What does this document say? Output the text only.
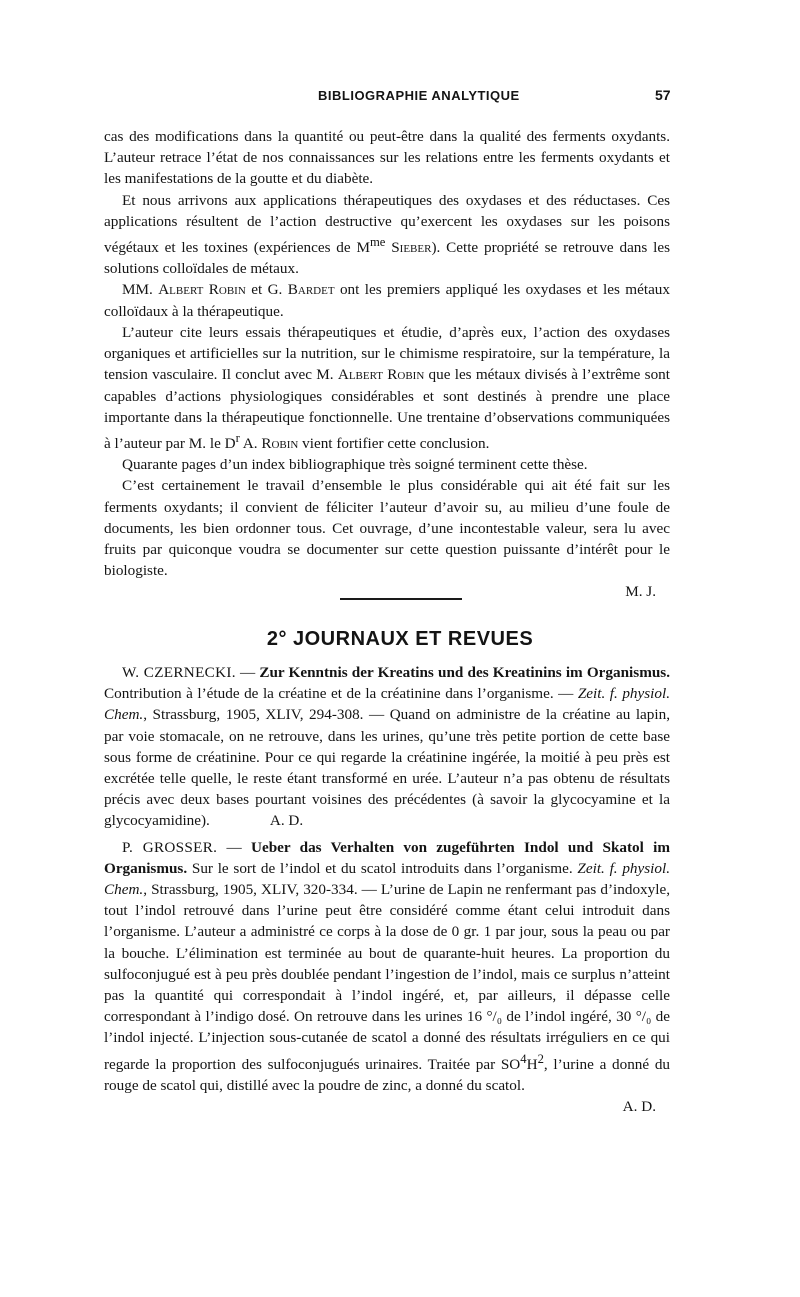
BIBLIOGRAPHIE ANALYTIQUE	57

cas des modifications dans la quantité ou peut-être dans la qualité des ferments oxydants. L’auteur retrace l’état de nos connaissances sur les relations entre les ferments oxydants et les manifestations de la goutte et du diabète.

Et nous arrivons aux applications thérapeutiques des oxydases et des réductases. Ces applications résultent de l’action destructive qu’exercent les oxydases sur les poisons végétaux et les toxines (expériences de $M^{me}$ Sieber). Cette propriété se retrouve dans les solutions colloïdales de métaux.

MM. Albert Robin et G. Bardet ont les premiers appliqué les oxydases et les métaux colloïdaux à la thérapeutique.

L’auteur cite leurs essais thérapeutiques et étudie, d’après eux, l’action des oxydases organiques et artificielles sur la nutrition, sur le chimisme respiratoire, sur la température, la tension vasculaire. Il conclut avec M. Albert Robin que les métaux divisés à l’extrême sont capables d’actions physiologiques considérables et sont destinés à prendre une place importante dans la thérapeutique fonctionnelle. Une trentaine d’observations communiquées à l’auteur par M. le $D^r$ A. Robin vient fortifier cette conclusion.

Quarante pages d’un index bibliographique très soigné terminent cette thèse.

C’est certainement le travail d’ensemble le plus considérable qui ait été fait sur les ferments oxydants; il convient de féliciter l’auteur d’avoir su, au milieu d’une foule de documents, les bien ordonner tous. Cet ouvrage, d’une incontestable valeur, sera lu avec fruits par quiconque voudra se documenter sur cette question puissante d’intérêt pour le biologiste.

M. J.
2° JOURNAUX ET REVUES

W. CZERNECKI. — Zur Kenntnis der Kreatins und des Kreatinins im Organismus. Contribution à l’étude de la créatine et de la créatinine dans l’organisme. — Zeit. f. physiol. Chem., Strassburg, 1905, XLIV, 294-308. — Quand on administre de la créatine au lapin, par voie stomacale, on ne retrouve, dans les urines, qu’une très petite portion de cette base sous forme de créatinine. Pour ce qui regarde la créatinine ingérée, la moitié à peu près est excrétée telle quelle, le reste étant transformé en urée. L’auteur n’a pas obtenu de résultats précis avec deux bases pourtant voisines des précédentes (à savoir la glycocyamine et la glycocyamidine).	A. D.

P. GROSSER. — Ueber das Verhalten von zugeführten Indol und Skatol im Organismus. Sur le sort de l’indol et du scatol introduits dans l’organisme. Zeit. f. physiol. Chem., Strassburg, 1905, XLIV, 320-334. — L’urine de Lapin ne renfermant pas d’indoxyle, tout l’indol retrouvé dans l’urine peut être considéré comme étant celui introduit dans l’organisme. L’auteur a administré ce corps à la dose de 0 gr. 1 par jour, sous la peau ou par la bouche. L’élimination est terminée au bout de quarante-huit heures. La proportion du sulfoconjugué est à peu près doublée pendant l’ingestion de l’indol, mais ce surplus n’atteint pas la quantité qui correspondait à l’indol ingéré, et, par ailleurs, il dépasse celle correspondant à l’indigo dosé. On retrouve dans les urines 16 °/₀ de l’indol ingéré, 30 °/₀ de l’indol injecté. L’injection sous-cutanée de scatol a donné des résultats irréguliers en ce qui regarde la proportion des sulfoconjugués urinaires. Traitée par $SO^4H^2$, l’urine a donné du rouge de scatol qui, distillé avec la poudre de zinc, a donné du scatol.

A. D.
